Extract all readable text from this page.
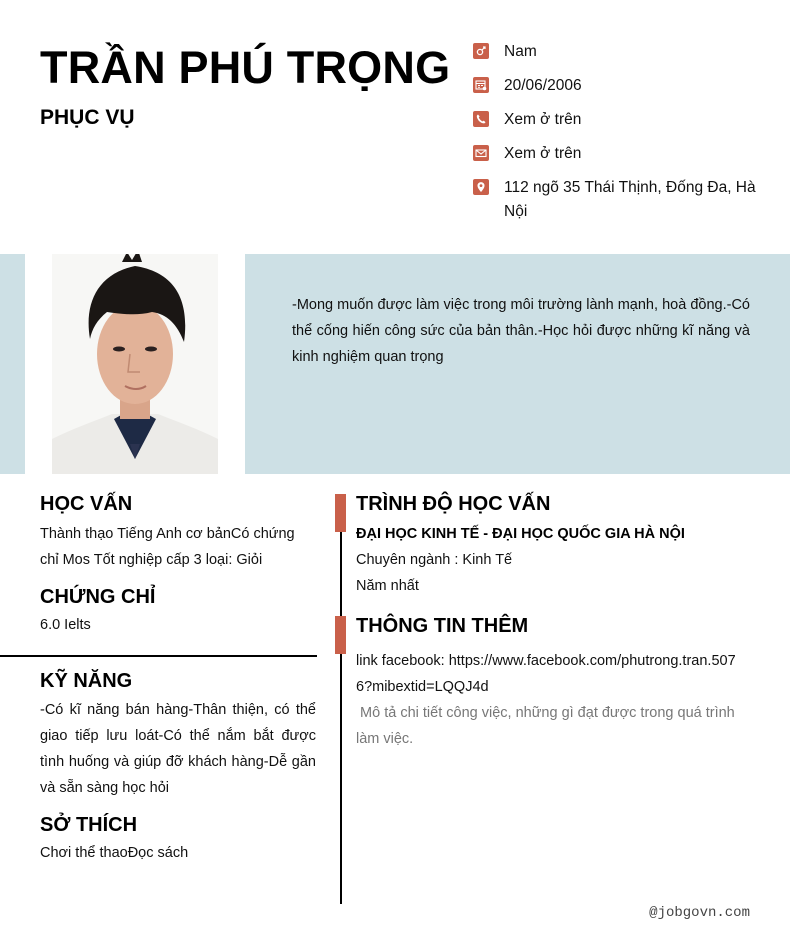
TRẦN PHÚ TRỌNG
PHỤC VỤ
Nam
20/06/2006
Xem ở trên
Xem ở trên
112 ngõ 35 Thái Thịnh, Đống Đa, Hà Nội
-Mong muốn được làm việc trong môi trường lành mạnh, hoà đồng.-Có thể cống hiến công sức của bản thân.-Học hỏi được những kĩ năng và kinh nghiệm quan trọng
HỌC VẤN
Thành thạo Tiếng Anh cơ bảnCó chứng chỉ Mos Tốt nghiệp cấp 3 loại: Giỏi
CHỨNG CHỈ
6.0 Ielts
KỸ NĂNG
-Có kĩ năng bán hàng-Thân thiện, có thể giao tiếp lưu loát-Có thể nắm bắt được tình huống và giúp đỡ khách hàng-Dễ gần và sẵn sàng học hỏi
SỞ THÍCH
Chơi thể thaoĐọc sách
TRÌNH ĐỘ HỌC VẤN
ĐẠI HỌC KINH TẾ - ĐẠI HỌC QUỐC GIA HÀ NỘI
Chuyên ngành : Kinh Tế
Năm nhất
THÔNG TIN THÊM
link facebook: https://www.facebook.com/phutrong.tran.5076?mibextid=LQQJ4d
Mô tả chi tiết công việc, những gì đạt được trong quá trình làm việc.
@jobgovn.com
